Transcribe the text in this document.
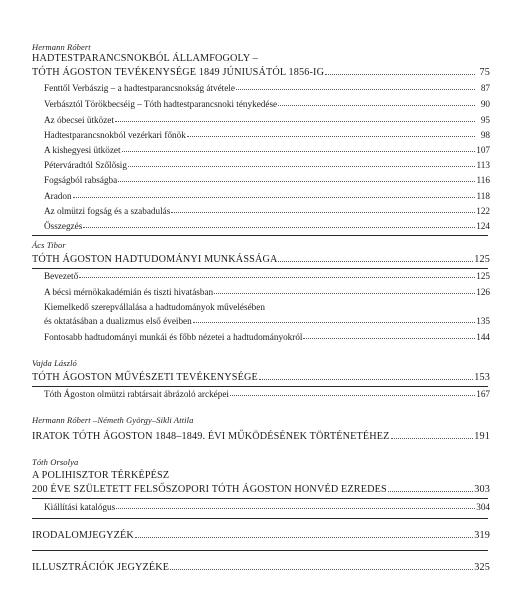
Hermann Róbert
HADTESTPARANCSNOKBÓL ÁLLAMFOGOLY –
TÓTH ÁGOSTON TEVÉKENYSÉGE 1849 JÚNIUSÁTÓL 1856-IG	75
Fenttől Verbászig – a hadtestparancsnokság átvétele	87
Verbásztól Törökbecséig – Tóth hadtestparancsnoki ténykedése	90
Az óbecsei ütközet	95
Hadtestparancsnokból vezérkari főnök	98
A kishegyesi ütközet	107
Péterváradtól Szőlősig	113
Fogságból rabságba	116
Aradon	118
Az olmützi fogság és a szabadulás	122
Összegzés	124
Ács Tibor
TÓTH ÁGOSTON HADTUDOMÁNYI MUNKÁSSÁGA	125
Bevezető	125
A bécsi mérnökakadémián és tiszti hivatásban	126
Kiemelkedő szerepvállalása a hadtudományok művelésében
és oktatásában a dualizmus első éveiben	135
Fontosabb hadtudományi munkái és főbb nézetei a hadtudományokról	144
Vajda László
TÓTH ÁGOSTON MŰVÉSZETI TEVÉKENYSÉGE	153
Tóth Ágoston olmützi rabtársait ábrázoló arcképei	167
Hermann Róbert –Németh György–Sikli Attila
IRATOK TÓTH ÁGOSTON 1848–1849. ÉVI MŰKÖDÉSÉNEK TÖRTÉNETÉHEZ	191
Tóth Orsolya
A POLIHISZTOR TÉRKÉPÉSZ
200 ÉVE SZÜLETETT FELSŐSZOPORI TÓTH ÁGOSTON HONVÉD EZREDES	303
Kiállítási katalógus	304
IRODALOMJEGYZÉK	319
ILLUSZTRÁCIÓK JEGYZÉKE	325
